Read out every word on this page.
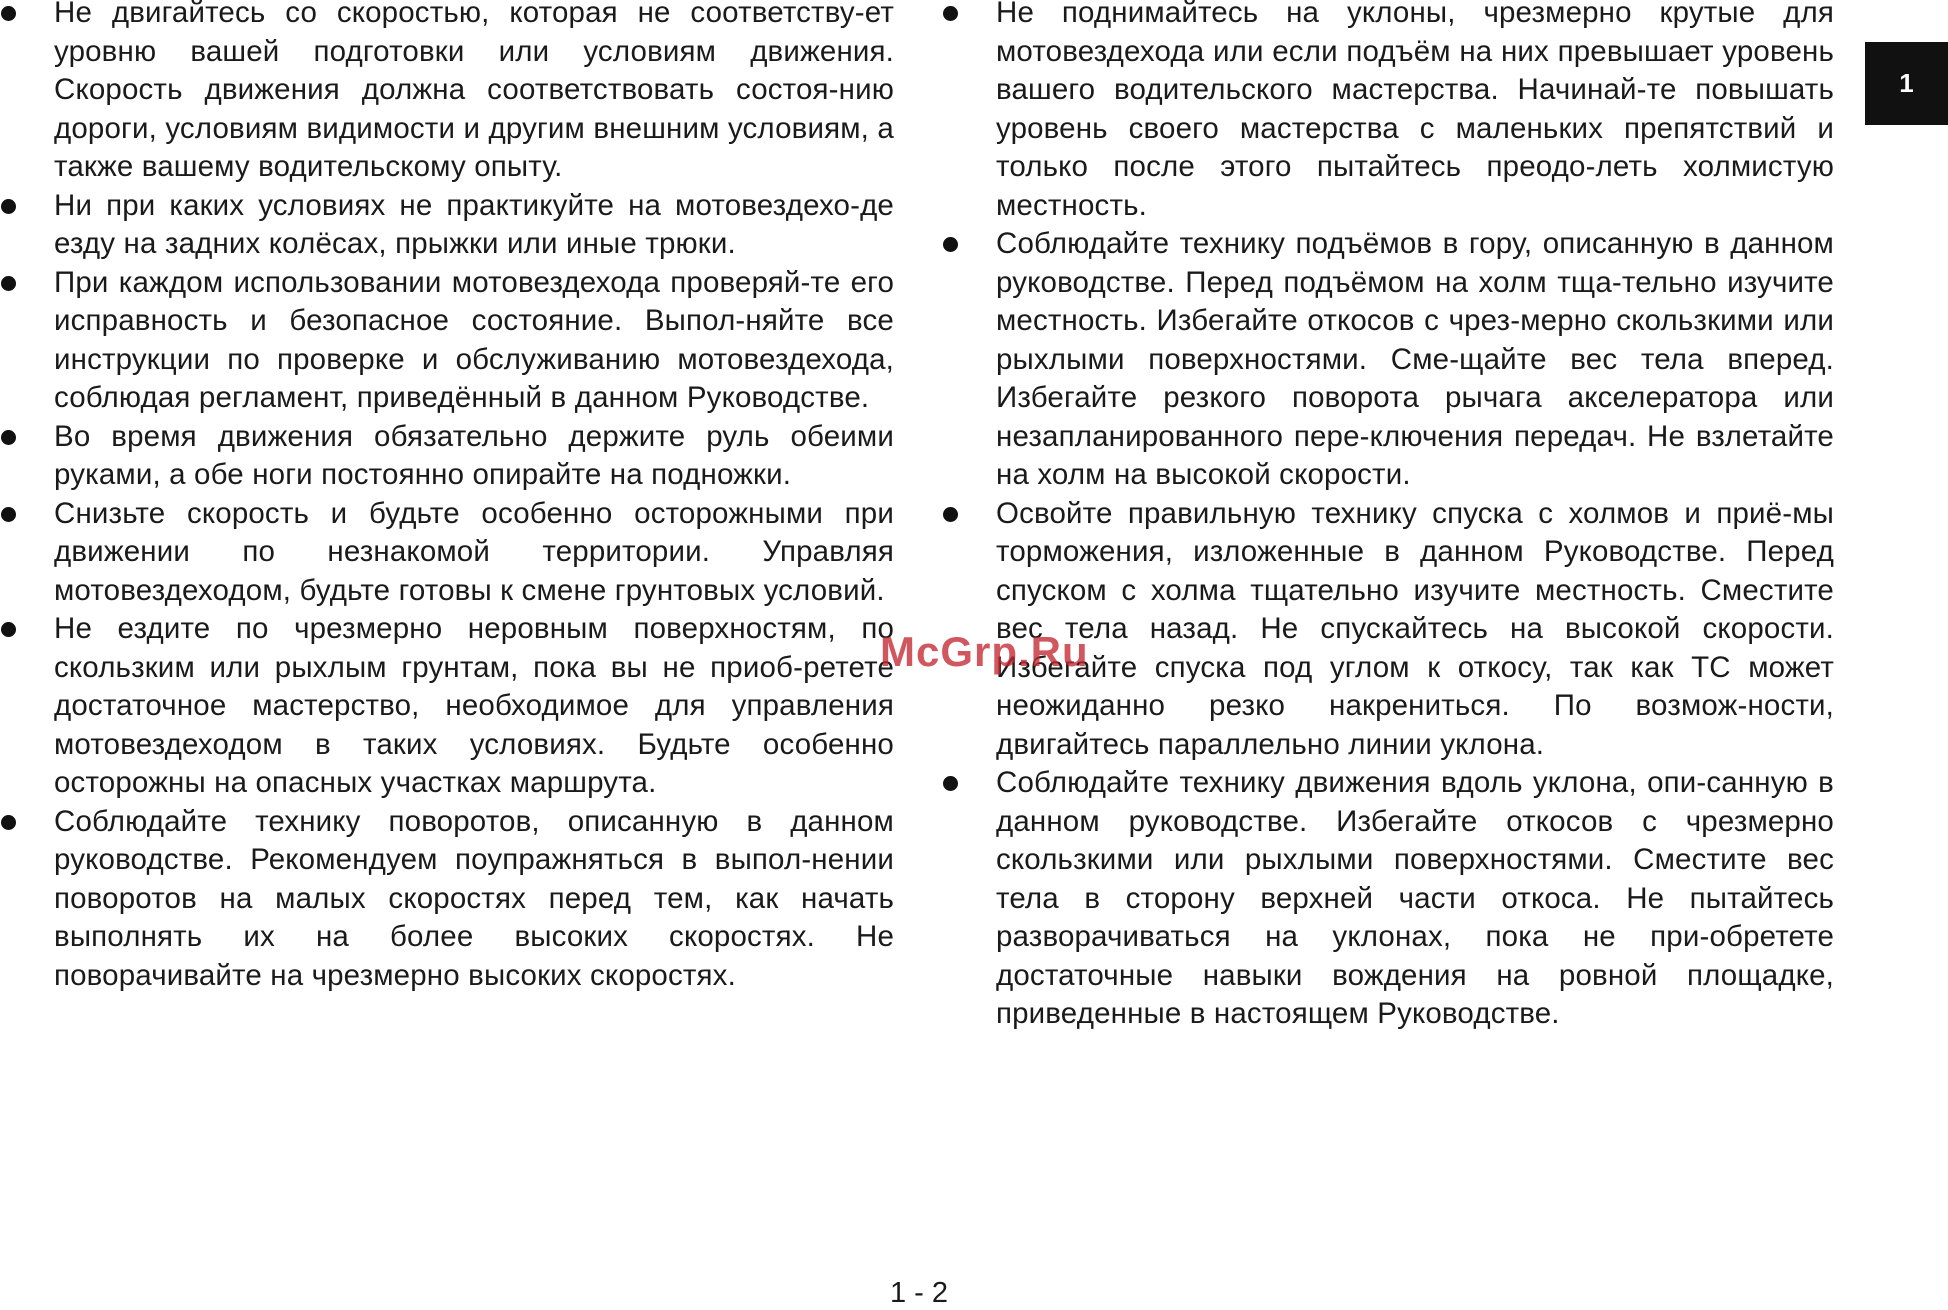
Не двигайтесь со скоростью, которая не соответству-ет уровню вашей подготовки или условиям движения. Скорость движения должна соответствовать состоя-нию дороги, условиям видимости и другим внешним условиям, а также вашему водительскому опыту.
Ни при каких условиях не практикуйте на мотовездехо-де езду на задних колёсах, прыжки или иные трюки.
При каждом использовании мотовездехода проверяй-те его исправность и безопасное состояние. Выпол-няйте все инструкции по проверке и обслуживанию мотовездехода, соблюдая регламент, приведённый в данном Руководстве.
Во время движения обязательно держите руль обеими руками, а обе ноги постоянно опирайте на подножки.
Снизьте скорость и будьте особенно осторожными при движении по незнакомой территории. Управляя мотовездеходом, будьте готовы к смене грунтовых условий.
Не ездите по чрезмерно неровным поверхностям, по скользким или рыхлым грунтам, пока вы не приоб-ретете достаточное мастерство, необходимое для управления мотовездеходом в таких условиях. Будьте особенно осторожны на опасных участках маршрута.
Соблюдайте технику поворотов, описанную в данном руководстве. Рекомендуем поупражняться в выпол-нении поворотов на малых скоростях перед тем, как начать выполнять их на более высоких скоростях. Не поворачивайте на чрезмерно высоких скоростях.
Не поднимайтесь на уклоны, чрезмерно крутые для мотовездехода или если подъём на них превышает уровень вашего водительского мастерства. Начинай-те повышать уровень своего мастерства с маленьких препятствий и только после этого пытайтесь преодо-леть холмистую местность.
Соблюдайте технику подъёмов в гору, описанную в данном руководстве. Перед подъёмом на холм тща-тельно изучите местность. Избегайте откосов с чрез-мерно скользкими или рыхлыми поверхностями. Сме-щайте вес тела вперед. Избегайте резкого поворота рычага акселератора или незапланированного пере-ключения передач. Не взлетайте на холм на высокой скорости.
Освойте правильную технику спуска с холмов и приё-мы торможения, изложенные в данном Руководстве. Перед спуском с холма тщательно изучите местность. Сместите вес тела назад. Не спускайтесь на высокой скорости. Избегайте спуска под углом к откосу, так как ТС может неожиданно резко накрениться. По возмож-ности, двигайтесь параллельно линии уклона.
Соблюдайте технику движения вдоль уклона, опи-санную в данном руководстве. Избегайте откосов с чрезмерно скользкими или рыхлыми поверхностями. Сместите вес тела в сторону верхней части откоса. Не пытайтесь разворачиваться на уклонах, пока не при-обретете достаточные навыки вождения на ровной площадке, приведенные в настоящем Руководстве.
1
McGrp.Ru
1 - 2
